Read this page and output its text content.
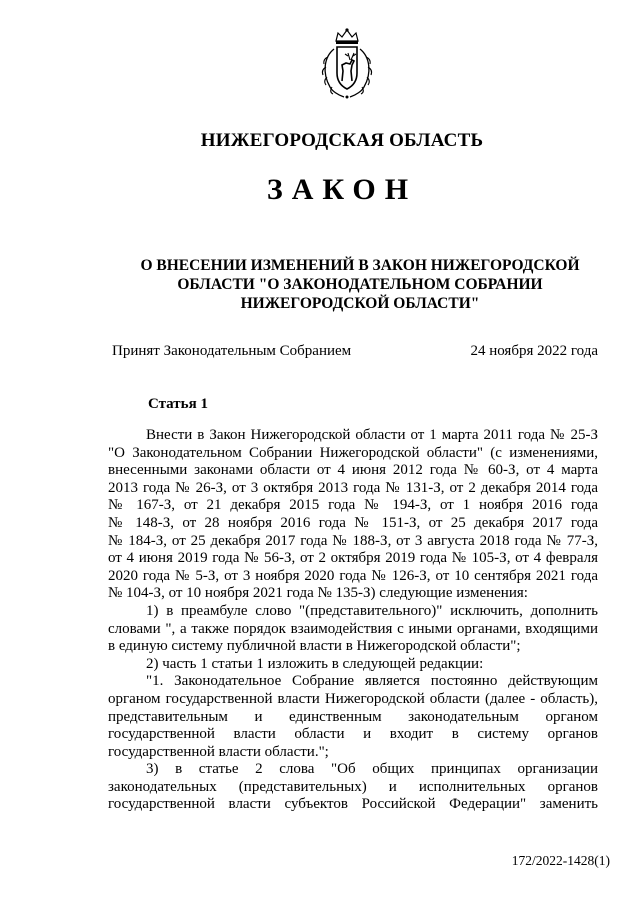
НИЖЕГОРОДСКАЯ ОБЛАСТЬ
ЗАКОН
О ВНЕСЕНИИ ИЗМЕНЕНИЙ В ЗАКОН НИЖЕГОРОДСКОЙ
ОБЛАСТИ "О ЗАКОНОДАТЕЛЬНОМ СОБРАНИИ
НИЖЕГОРОДСКОЙ ОБЛАСТИ"
Принят Законодательным Собранием	24 ноября 2022 года
Статья 1
Внести в Закон Нижегородской области от 1 марта 2011 года № 25-З
"О Законодательном Собрании Нижегородской области" (с изменениями,
внесенными законами области от 4 июня 2012 года № 60-З, от 4 марта
2013 года № 26-З, от 3 октября 2013 года № 131-З, от 2 декабря 2014 года
№ 167-З, от 21 декабря 2015 года № 194-З, от 1 ноября 2016 года
№ 148-З, от 28 ноября 2016 года № 151-З, от 25 декабря 2017 года
№ 184-З, от 25 декабря 2017 года № 188-З, от 3 августа 2018 года № 77-З,
от 4 июня 2019 года № 56-З, от 2 октября 2019 года № 105-З, от 4 февраля
2020 года № 5-З, от 3 ноября 2020 года № 126-З, от 10 сентября 2021 года
№ 104-З, от 10 ноября 2021 года № 135-З) следующие изменения:
1) в преамбуле слово "(представительного)" исключить, дополнить
словами ", а также порядок взаимодействия с иными органами, входящими
в единую систему публичной власти в Нижегородской области";
2) часть 1 статьи 1 изложить в следующей редакции:
"1. Законодательное Собрание является постоянно действующим
органом государственной власти Нижегородской области (далее - область),
представительным и единственным законодательным органом
государственной власти области и входит в систему органов
государственной власти области.";
3) в статье 2 слова "Об общих принципах организации
законодательных (представительных) и исполнительных органов
государственной власти субъектов Российской Федерации" заменить
172/2022-1428(1)
